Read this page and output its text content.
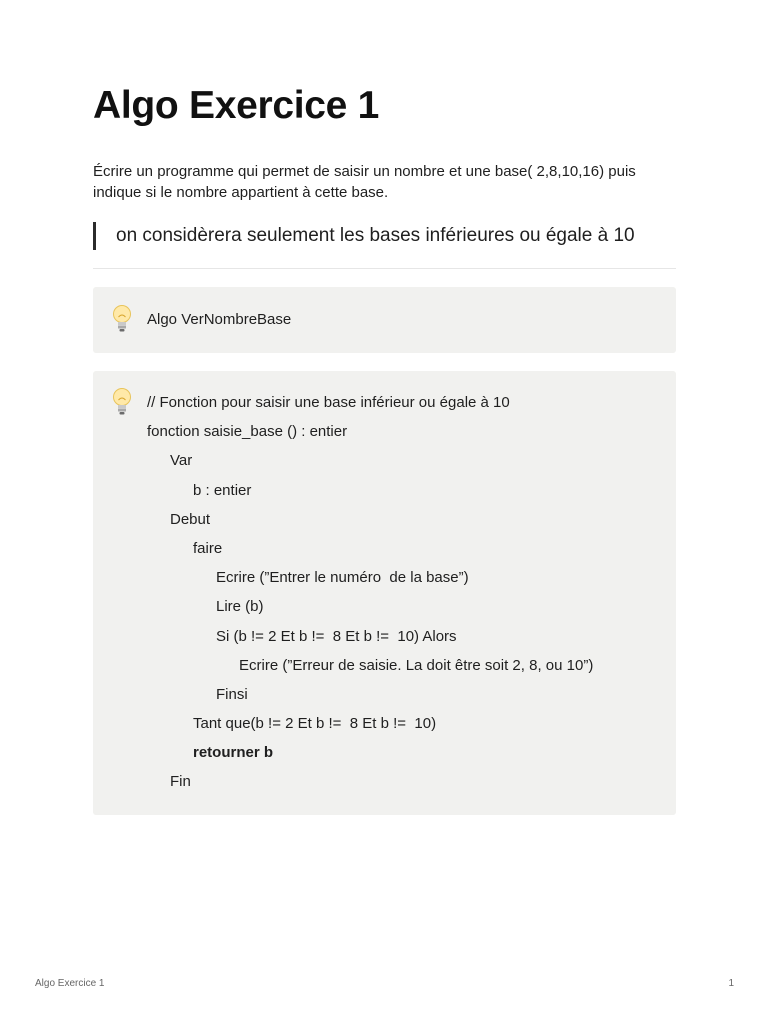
Algo Exercice 1

Écrire un programme qui permet de saisir un nombre et une base( 2,8,10,16) puis indique si le nombre appartient à cette base.

on considèrera seulement les bases inférieures ou égale à 10
Algo VerNombreBase
// Fonction pour saisir une base inférieur ou égale à 10
fonction saisie_base () : entier
Var
b : entier
Debut
faire
Ecrire (”Entrer le numéro  de la base”)
Lire (b)
Si (b != 2 Et b !=  8 Et b !=  10) Alors
Ecrire (”Erreur de saisie. La doit être soit 2, 8, ou 10”)
Finsi
Tant que(b != 2 Et b !=  8 Et b !=  10)
retourner b
Fin
Algo Exercice 1	1
